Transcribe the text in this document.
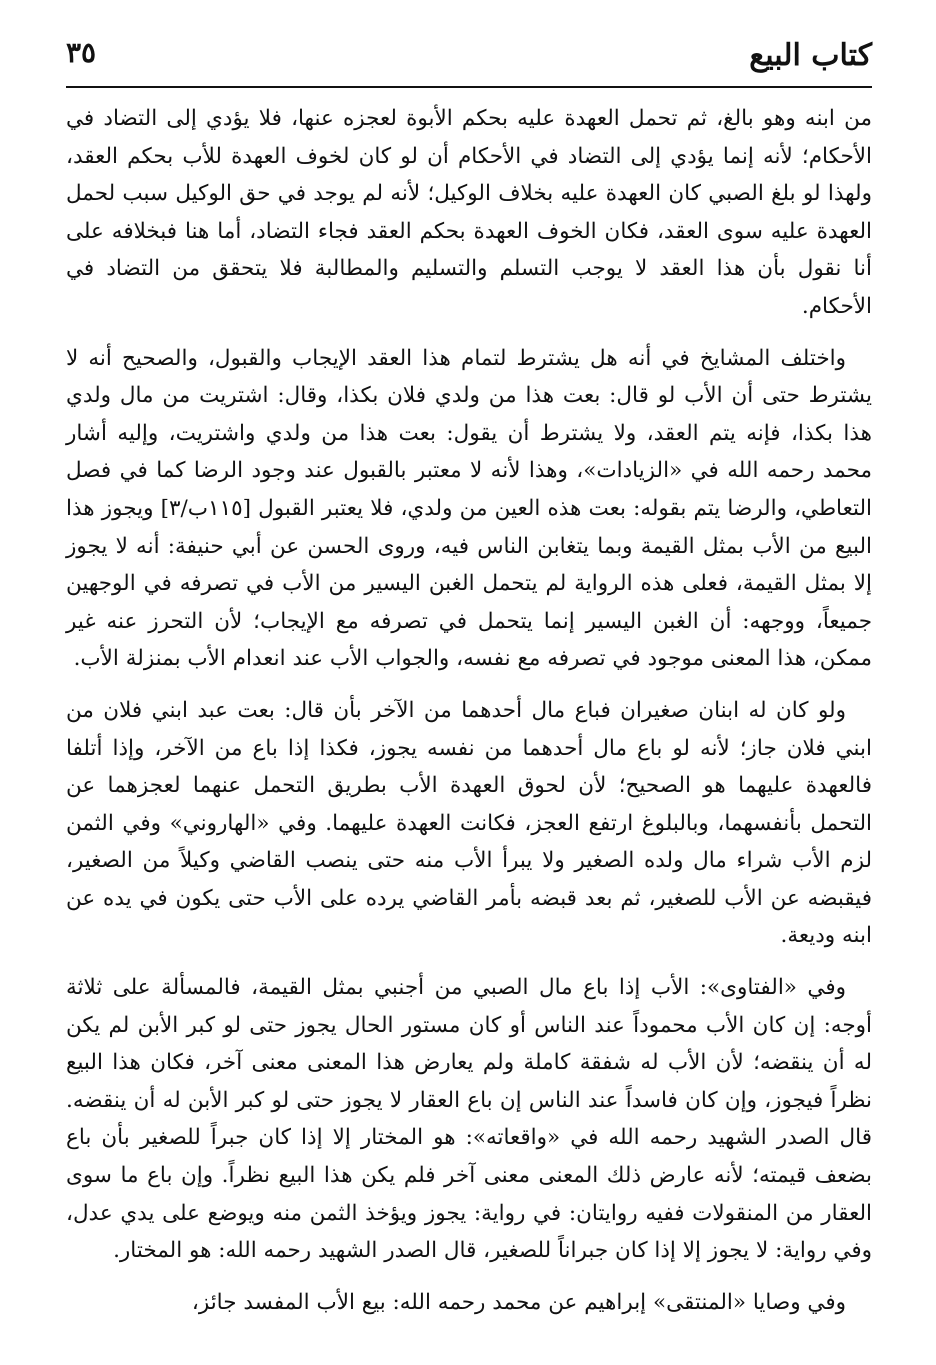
كتاب البيع
٣٥

من ابنه وهو بالغ، ثم تحمل العهدة عليه بحكم الأبوة لعجزه عنها، فلا يؤدي إلى التضاد في الأحكام؛ لأنه إنما يؤدي إلى التضاد في الأحكام أن لو كان لخوف العهدة للأب بحكم العقد، ولهذا لو بلغ الصبي كان العهدة عليه بخلاف الوكيل؛ لأنه لم يوجد في حق الوكيل سبب لحمل العهدة عليه سوى العقد، فكان الخوف العهدة بحكم العقد فجاء التضاد، أما هنا فبخلافه على أنا نقول بأن هذا العقد لا يوجب التسلم والتسليم والمطالبة فلا يتحقق من التضاد في الأحكام.

واختلف المشايخ في أنه هل يشترط لتمام هذا العقد الإيجاب والقبول، والصحيح أنه لا يشترط حتى أن الأب لو قال: بعت هذا من ولدي فلان بكذا، وقال: اشتريت من مال ولدي هذا بكذا، فإنه يتم العقد، ولا يشترط أن يقول: بعت هذا من ولدي واشتريت، وإليه أشار محمد رحمه الله في «الزيادات»، وهذا لأنه لا معتبر بالقبول عند وجود الرضا كما في فصل التعاطي، والرضا يتم بقوله: بعت هذه العين من ولدي، فلا يعتبر القبول [١١٥ب/٣] ويجوز هذا البيع من الأب بمثل القيمة وبما يتغابن الناس فيه، وروى الحسن عن أبي حنيفة: أنه لا يجوز إلا بمثل القيمة، فعلى هذه الرواية لم يتحمل الغبن اليسير من الأب في تصرفه في الوجهين جميعاً، ووجهه: أن الغبن اليسير إنما يتحمل في تصرفه مع الإيجاب؛ لأن التحرز عنه غير ممكن، هذا المعنى موجود في تصرفه مع نفسه، والجواب الأب عند انعدام الأب بمنزلة الأب.

ولو كان له ابنان صغيران فباع مال أحدهما من الآخر بأن قال: بعت عبد ابني فلان من ابني فلان جاز؛ لأنه لو باع مال أحدهما من نفسه يجوز، فكذا إذا باع من الآخر، وإذا أتلفا فالعهدة عليهما هو الصحيح؛ لأن لحوق العهدة الأب بطريق التحمل عنهما لعجزهما عن التحمل بأنفسهما، وبالبلوغ ارتفع العجز، فكانت العهدة عليهما. وفي «الهاروني» وفي الثمن لزم الأب شراء مال ولده الصغير ولا يبرأ الأب منه حتى ينصب القاضي وكيلاً من الصغير، فيقبضه عن الأب للصغير، ثم بعد قبضه بأمر القاضي يرده على الأب حتى يكون في يده عن ابنه وديعة.

وفي «الفتاوى»: الأب إذا باع مال الصبي من أجنبي بمثل القيمة، فالمسألة على ثلاثة أوجه: إن كان الأب محموداً عند الناس أو كان مستور الحال يجوز حتى لو كبر الأبن لم يكن له أن ينقضه؛ لأن الأب له شفقة كاملة ولم يعارض هذا المعنى معنى آخر، فكان هذا البيع نظراً فيجوز، وإن كان فاسداً عند الناس إن باع العقار لا يجوز حتى لو كبر الأبن له أن ينقضه. قال الصدر الشهيد رحمه الله في «واقعاته»: هو المختار إلا إذا كان جبراً للصغير بأن باع بضعف قيمته؛ لأنه عارض ذلك المعنى معنى آخر فلم يكن هذا البيع نظراً. وإن باع ما سوى العقار من المنقولات ففيه روايتان: في رواية: يجوز ويؤخذ الثمن منه ويوضع على يدي عدل، وفي رواية: لا يجوز إلا إذا كان جبراناً للصغير، قال الصدر الشهيد رحمه الله: هو المختار.

وفي وصايا «المنتقى» إبراهيم عن محمد رحمه الله: بيع الأب المفسد جائز،
